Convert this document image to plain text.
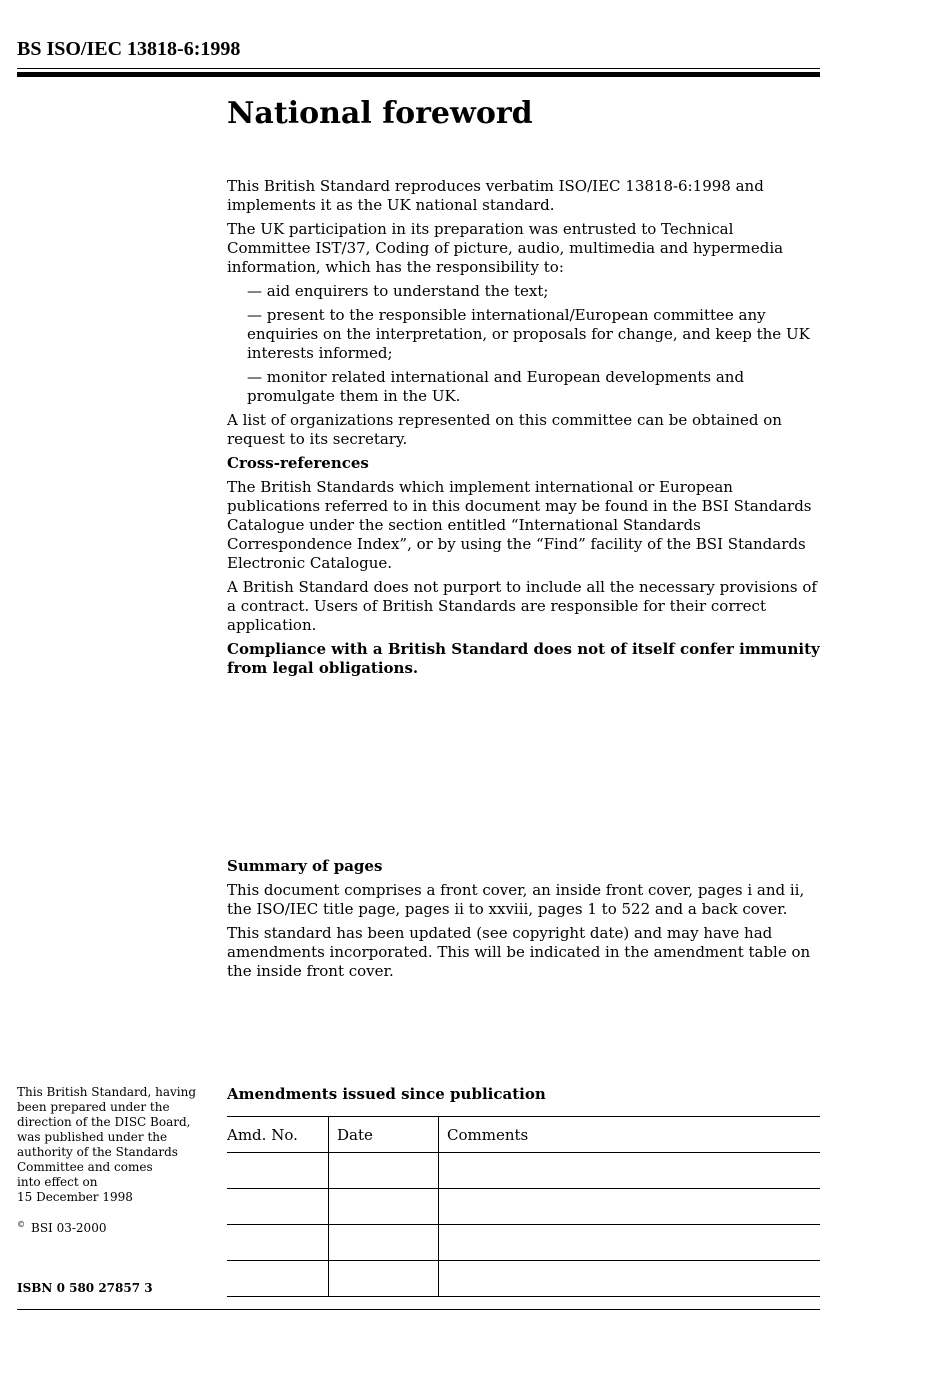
BS ISO/IEC 13818-6:1998
National foreword

This British Standard reproduces verbatim ISO/IEC 13818-6:1998 and implements it as the UK national standard.

The UK participation in its preparation was entrusted to Technical Committee IST/37, Coding of picture, audio, multimedia and hypermedia information, which has the responsibility to:

— aid enquirers to understand the text;

— present to the responsible international/European committee any enquiries on the interpretation, or proposals for change, and keep the UK interests informed;

— monitor related international and European developments and promulgate them in the UK.

A list of organizations represented on this committee can be obtained on request to its secretary.

Cross-references

The British Standards which implement international or European publications referred to in this document may be found in the BSI Standards Catalogue under the section entitled “International Standards Correspondence Index”, or by using the “Find” facility of the BSI Standards Electronic Catalogue.

A British Standard does not purport to include all the necessary provisions of a contract. Users of British Standards are responsible for their correct application.

Compliance with a British Standard does not of itself confer immunity from legal obligations.

Summary of pages

This document comprises a front cover, an inside front cover, pages i and ii, the ISO/IEC title page, pages ii to xxviii, pages 1 to 522 and a back cover.

This standard has been updated (see copyright date) and may have had amendments incorporated. This will be indicated in the amendment table on the inside front cover.

This British Standard, having

been prepared under the

direction of the DISC Board,

was published under the

authority of the Standards

Committee and comes

into effect on

15 December 1998

© BSI 03-2000
ISBN 0 580 27857 3
Amendments issued since publication
Amd. No.	Date	Comments
